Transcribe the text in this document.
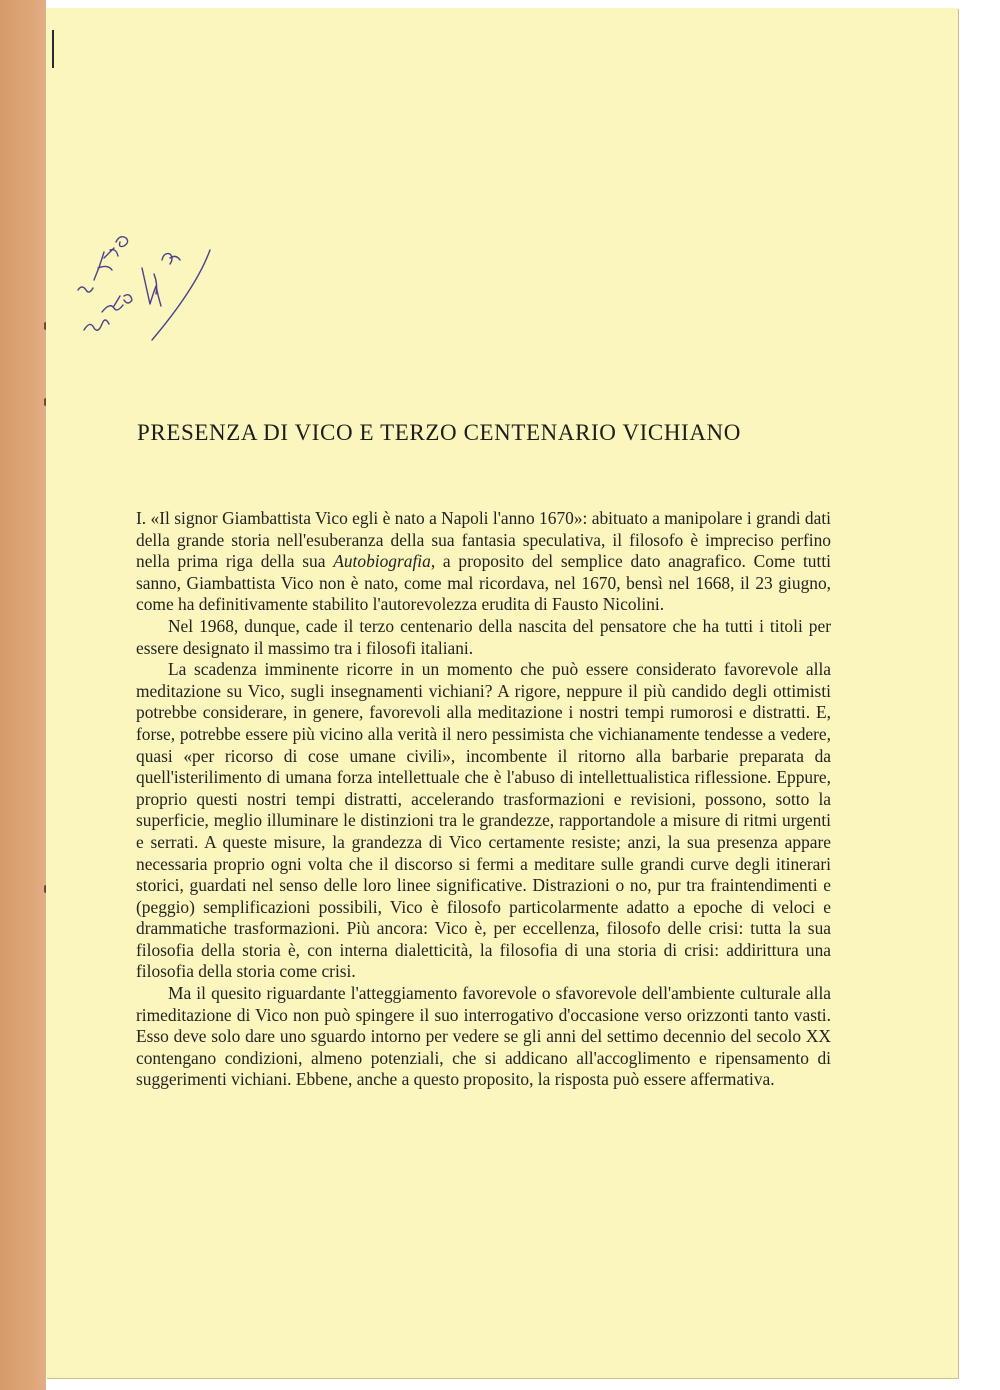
PRESENZA DI VICO E TERZO CENTENARIO VICHIANO

I. «Il signor Giambattista Vico egli è nato a Napoli l'anno 1670»: abituato a manipolare i grandi dati della grande storia nell'esuberanza della sua fantasia speculativa, il filosofo è impreciso perfino nella prima riga della sua Autobiografia, a proposito del semplice dato anagrafico. Come tutti sanno, Giambattista Vico non è nato, come mal ricordava, nel 1670, bensì nel 1668, il 23 giugno, come ha definitivamente stabilito l'autorevolezza erudita di Fausto Nicolini.

Nel 1968, dunque, cade il terzo centenario della nascita del pensatore che ha tutti i titoli per essere designato il massimo tra i filosofi italiani.

La scadenza imminente ricorre in un momento che può essere considerato favorevole alla meditazione su Vico, sugli insegnamenti vichiani? A rigore, neppure il più candido degli ottimisti potrebbe considerare, in genere, favorevoli alla meditazione i nostri tempi rumorosi e distratti. E, forse, potrebbe essere più vicino alla verità il nero pessimista che vichianamente tendesse a vedere, quasi «per ricorso di cose umane civili», incombente il ritorno alla barbarie preparata da quell'isterilimento di umana forza intellettuale che è l'abuso di intellettualistica riflessione. Eppure, proprio questi nostri tempi distratti, accelerando trasformazioni e revisioni, possono, sotto la superficie, meglio illuminare le distinzioni tra le grandezze, rapportandole a misure di ritmi urgenti e serrati. A queste misure, la grandezza di Vico certamente resiste; anzi, la sua presenza appare necessaria proprio ogni volta che il discorso si fermi a meditare sulle grandi curve degli itinerari storici, guardati nel senso delle loro linee significative. Distrazioni o no, pur tra fraintendimenti e (peggio) semplificazioni possibili, Vico è filosofo particolarmente adatto a epoche di veloci e drammatiche trasformazioni. Più ancora: Vico è, per eccellenza, filosofo delle crisi: tutta la sua filosofia della storia è, con interna dialetticità, la filosofia di una storia di crisi: addirittura una filosofia della storia come crisi.

Ma il quesito riguardante l'atteggiamento favorevole o sfavorevole dell'ambiente culturale alla rimeditazione di Vico non può spingere il suo interrogativo d'occasione verso orizzonti tanto vasti. Esso deve solo dare uno sguardo intorno per vedere se gli anni del settimo decennio del secolo XX contengano condizioni, almeno potenziali, che si addicano all'accoglimento e ripensamento di suggerimenti vichiani. Ebbene, anche a questo proposito, la risposta può essere affermativa.
